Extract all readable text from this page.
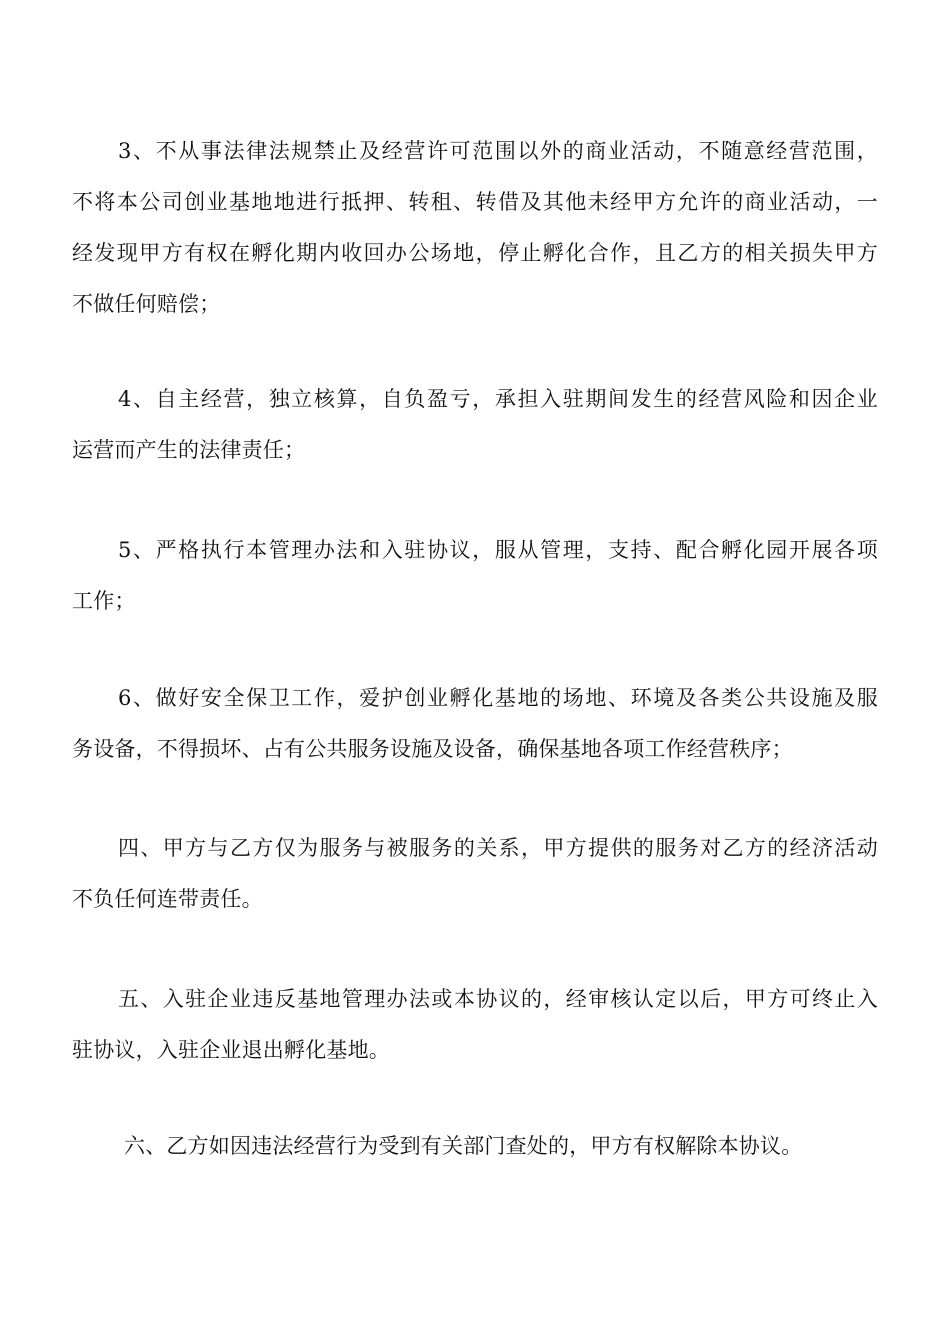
3、不从事法律法规禁止及经营许可范围以外的商业活动，不随意经营范围，
不将本公司创业基地地进行抵押、转租、转借及其他未经甲方允许的商业活动，一
经发现甲方有权在孵化期内收回办公场地，停止孵化合作，且乙方的相关损失甲方
不做任何赔偿；
4、自主经营，独立核算，自负盈亏，承担入驻期间发生的经营风险和因企业
运营而产生的法律责任；
5、严格执行本管理办法和入驻协议，服从管理，支持、配合孵化园开展各项
工作；
6、做好安全保卫工作，爱护创业孵化基地的场地、环境及各类公共设施及服
务设备，不得损坏、占有公共服务设施及设备，确保基地各项工作经营秩序；
四、甲方与乙方仅为服务与被服务的关系，甲方提供的服务对乙方的经济活动
不负任何连带责任。
五、入驻企业违反基地管理办法或本协议的，经审核认定以后，甲方可终止入
驻协议，入驻企业退出孵化基地。
六、乙方如因违法经营行为受到有关部门查处的，甲方有权解除本协议。
